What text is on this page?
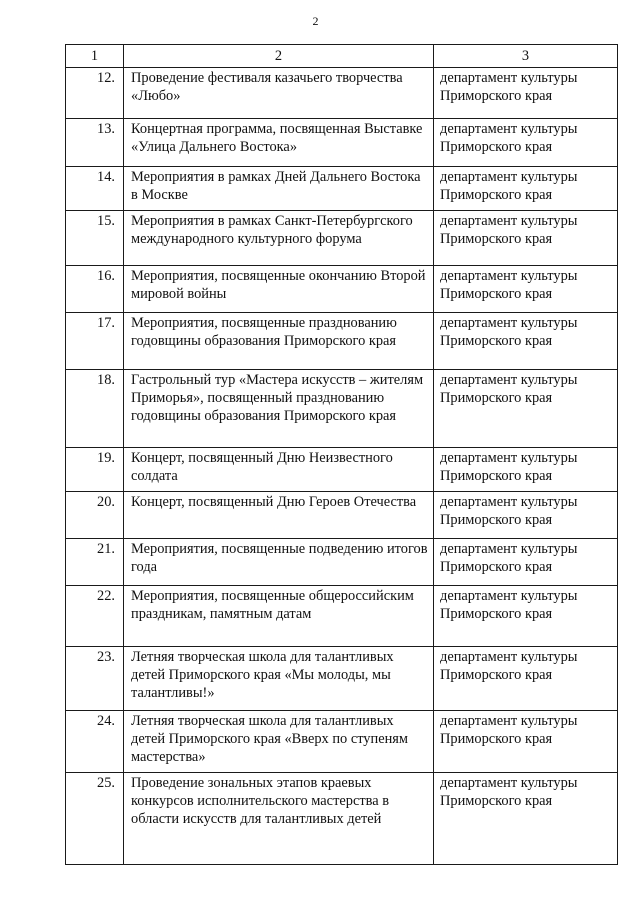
2
1	2	3
12.	Проведение фестиваля казачьего творчества «Любо»	департамент культуры Приморского края

13.	Концертная программа, посвященная Выставке «Улица Дальнего Востока»	департамент культуры Приморского края

14.	Мероприятия в рамках Дней Дальнего Востока в Москве	департамент культуры Приморского края

15.	Мероприятия в рамках Санкт-Петербургского международного культурного форума	департамент культуры Приморского края

16.	Мероприятия, посвященные окончанию Второй мировой войны	департамент культуры Приморского края

17.	Мероприятия, посвященные празднованию годовщины образования Приморского края	департамент культуры Приморского края

18.	Гастрольный тур «Мастера искусств – жителям Приморья», посвященный празднованию годовщины образования Приморского края	департамент культуры Приморского края

19.	Концерт, посвященный Дню Неизвестного солдата	департамент культуры Приморского края

20.	Концерт, посвященный Дню Героев Отечества	департамент культуры Приморского края

21.	Мероприятия, посвященные подведению итогов года	департамент культуры Приморского края

22.	Мероприятия, посвященные общероссийским праздникам, памятным датам	департамент культуры Приморского края

23.	Летняя творческая школа для талантливых детей Приморского края «Мы молоды, мы талантливы!»	департамент культуры Приморского края

24.	Летняя творческая школа для талантливых детей Приморского края «Вверх по ступеням мастерства»	департамент культуры Приморского края

25.	Проведение зональных этапов краевых конкурсов исполнительского мастерства в области искусств для талантливых детей	департамент культуры Приморского края
